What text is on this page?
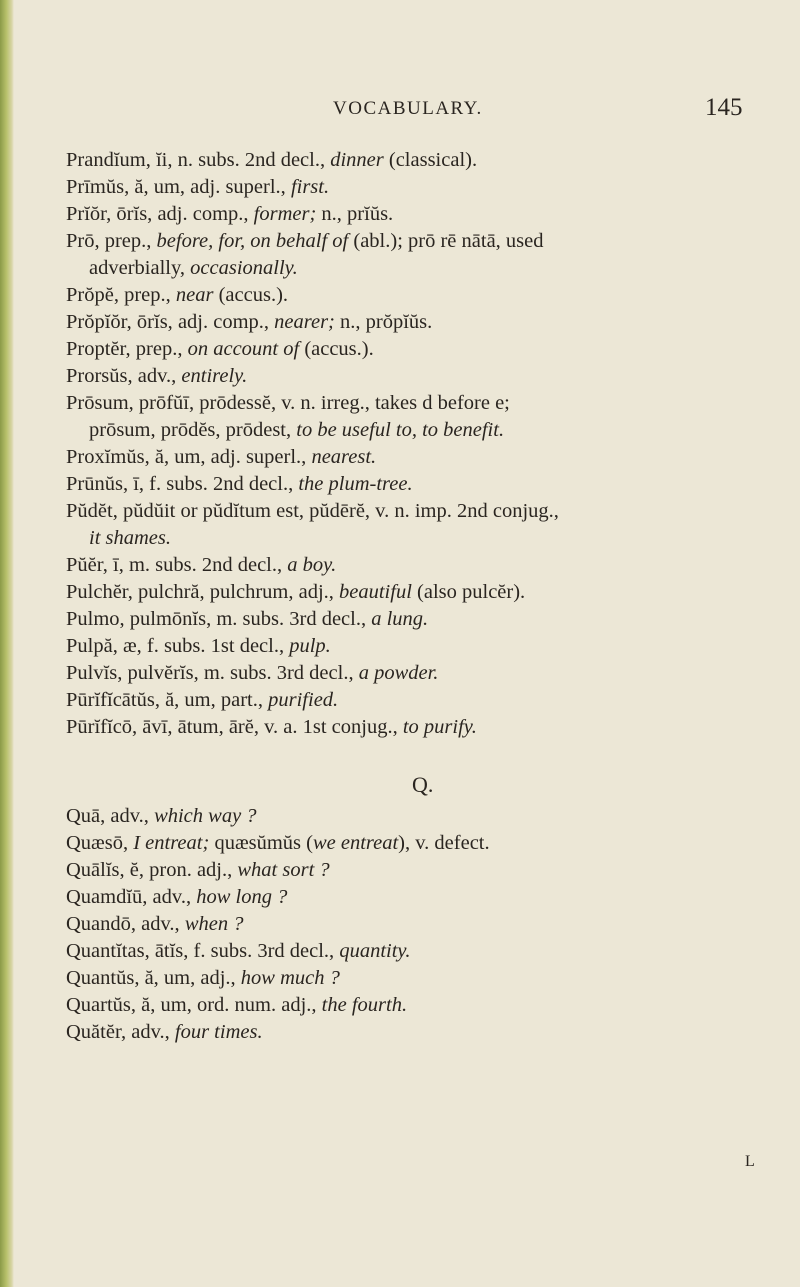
VOCABULARY.	145
Prandĭum, ĭi, n. subs. 2nd decl., dinner (classical).
Prīmŭs, ă, um, adj. superl., first.
Prĭŏr, ōrĭs, adj. comp., former; n., prĭŭs.
Prō, prep., before, for, on behalf of (abl.); prō rē nātā, used
adverbially, occasionally.
Prŏpĕ, prep., near (accus.).
Prŏpĭŏr, ōrĭs, adj. comp., nearer; n., prŏpĭŭs.
Proptĕr, prep., on account of (accus.).
Prorsŭs, adv., entirely.
Prōsum, prōfŭī, prōdessĕ, v. n. irreg., takes d before e;
prōsum, prōdĕs, prōdest, to be useful to, to benefit.
Proxĭmŭs, ă, um, adj. superl., nearest.
Prūnŭs, ī, f. subs. 2nd decl., the plum-tree.
Pŭdĕt, pŭdŭit or pŭdĭtum est, pŭdērĕ, v. n. imp. 2nd conjug.,
it shames.
Pŭĕr, ī, m. subs. 2nd decl., a boy.
Pulchĕr, pulchră, pulchrum, adj., beautiful (also pulcĕr).
Pulmo, pulmōnĭs, m. subs. 3rd decl., a lung.
Pulpă, æ, f. subs. 1st decl., pulp.
Pulvĭs, pulvĕrĭs, m. subs. 3rd decl., a powder.
Pūrĭfĭcātŭs, ă, um, part., purified.
Pūrĭfĭcō, āvī, ātum, ārĕ, v. a. 1st conjug., to purify.
Q.
Quā, adv., which way ?
Quæsō, I entreat; quæsŭmŭs (we entreat), v. defect.
Quālĭs, ĕ, pron. adj., what sort ?
Quamdĭū, adv., how long ?
Quandō, adv., when ?
Quantĭtas, ātĭs, f. subs. 3rd decl., quantity.
Quantŭs, ă, um, adj., how much ?
Quartŭs, ă, um, ord. num. adj., the fourth.
Quătĕr, adv., four times.
L
